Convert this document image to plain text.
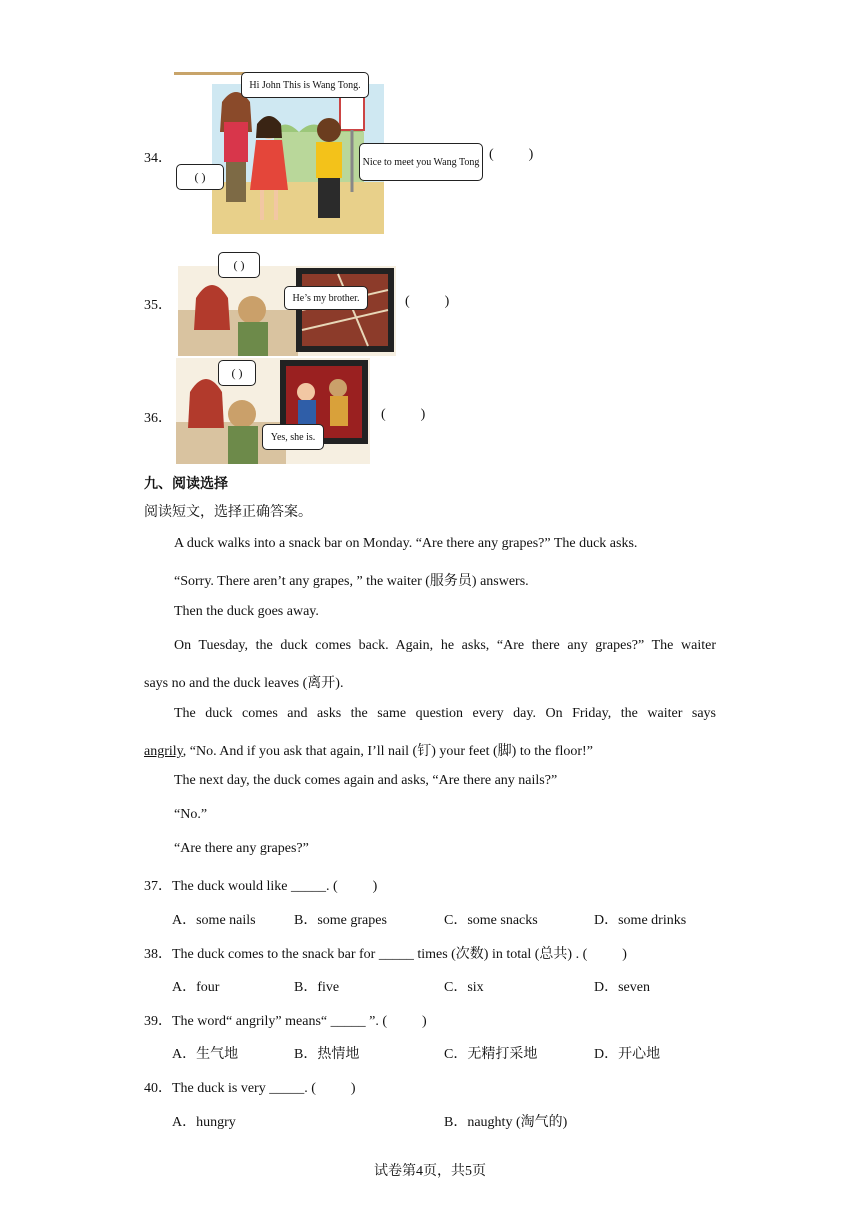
34．
Hi John This is Wang Tong.
Nice to meet you Wang Tong
( )
(          )
35．
( )
He’s my brother.	(          )
36．
( )
Yes, she is.
(          )
九、阅读选择
阅读短文，选择正确答案。
A duck walks into a snack bar on Monday. “Are there any grapes?” The duck asks.
“Sorry. There aren’t any grapes, ” the waiter (服务员) answers.
Then the duck goes away.
On Tuesday, the duck comes back. Again, he asks, “Are there any grapes?” The waiter
says no and the duck leaves (离开).
The duck comes and asks the same question every day. On Friday, the waiter says
angrily, “No. And if you ask that again, I’ll nail (钉) your feet (脚) to the floor!”
The next day, the duck comes again and asks, “Are there any nails?”
“No.”
“Are there any grapes?”
37．The duck would like _____. (          )
A．some nails	B．some grapes	C．some snacks	D．some drinks
38．The duck comes to the snack bar for _____ times (次数) in total (总共) . (          )
A．four	B．five	C．six	D．seven
39．The word“ angrily” means“ _____ ”. (          )
A．生气地	B．热情地	C．无精打采地	D．开心地
40．The duck is very _____. (          )
A．hungry	B．naughty (淘气的)
试卷第4页，共5页
